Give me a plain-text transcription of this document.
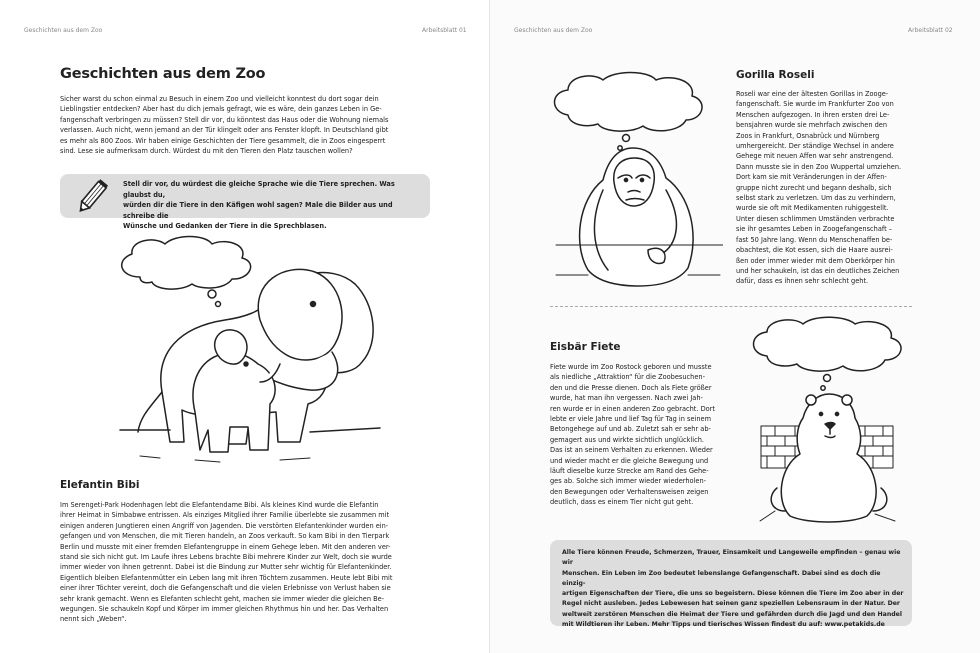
Geschichten aus dem Zoo	Arbeitsblatt 01
Geschichten aus dem Zoo
Sicher warst du schon einmal zu Besuch in einem Zoo und vielleicht konntest du dort sogar dein
Lieblingstier entdecken? Aber hast du dich jemals gefragt, wie es wäre, dein ganzes Leben in Ge-
fangenschaft verbringen zu müssen? Stell dir vor, du könntest das Haus oder die Wohnung niemals
verlassen. Auch nicht, wenn jemand an der Tür klingelt oder ans Fenster klopft. In Deutschland gibt
es mehr als 800 Zoos. Wir haben einige Geschichten der Tiere gesammelt, die in Zoos eingesperrt
sind. Lese sie aufmerksam durch. Würdest du mit den Tieren den Platz tauschen wollen?
Stell dir vor, du würdest die gleiche Sprache wie die Tiere sprechen. Was glaubst du,
würden dir die Tiere in den Käfigen wohl sagen? Male die Bilder aus und schreibe die
Wünsche und Gedanken der Tiere in die Sprechblasen.
Elefantin Bibi
Im Serengeti-Park Hodenhagen lebt die Elefantendame Bibi. Als kleines Kind wurde die Elefantin
ihrer Heimat in Simbabwe entrissen. Als einziges Mitglied ihrer Familie überlebte sie zusammen mit
einigen anderen Jungtieren einen Angriff von Jagenden. Die verstörten Elefantenkinder wurden ein-
gefangen und von Menschen, die mit Tieren handeln, an Zoos verkauft. So kam Bibi in den Tierpark
Berlin und musste mit einer fremden Elefantengruppe in einem Gehege leben. Mit den anderen ver-
stand sie sich nicht gut. Im Laufe ihres Lebens brachte Bibi mehrere Kinder zur Welt, doch sie wurde
immer wieder von ihnen getrennt. Dabei ist die Bindung zur Mutter sehr wichtig für Elefantenkinder.
Eigentlich bleiben Elefantenmütter ein Leben lang mit ihren Töchtern zusammen. Heute lebt Bibi mit
einer ihrer Töchter vereint, doch die Gefangenschaft und die vielen Erlebnisse von Verlust haben sie
sehr krank gemacht. Wenn es Elefanten schlecht geht, machen sie immer wieder die gleichen Be-
wegungen. Sie schaukeln Kopf und Körper im immer gleichen Rhythmus hin und her. Das Verhalten
nennt sich „Weben“.
Geschichten aus dem Zoo	Arbeitsblatt 02
Gorilla Roseli
Roseli war eine der ältesten Gorillas in Zooge-
fangenschaft. Sie wurde im Frankfurter Zoo von
Menschen aufgezogen. In ihren ersten drei Le-
bensjahren wurde sie mehrfach zwischen den
Zoos in Frankfurt, Osnabrück und Nürnberg
umhergereicht. Der ständige Wechsel in andere
Gehege mit neuen Affen war sehr anstrengend.
Dann musste sie in den Zoo Wuppertal umziehen.
Dort kam sie mit Veränderungen in der Affen-
gruppe nicht zurecht und begann deshalb, sich
selbst stark zu verletzen. Um das zu verhindern,
wurde sie oft mit Medikamenten ruhiggestellt.
Unter diesen schlimmen Umständen verbrachte
sie ihr gesamtes Leben in Zoogefangenschaft –
fast 50 Jahre lang. Wenn du Menschenaffen be-
obachtest, die Kot essen, sich die Haare ausrei-
ßen oder immer wieder mit dem Oberkörper hin
und her schaukeln, ist das ein deutliches Zeichen
dafür, dass es ihnen sehr schlecht geht.
Eisbär Fiete
Fiete wurde im Zoo Rostock geboren und musste
als niedliche „Attraktion“ für die Zoobesuchen-
den und die Presse dienen. Doch als Fiete größer
wurde, hat man ihn vergessen. Nach zwei Jah-
ren wurde er in einen anderen Zoo gebracht. Dort
lebte er viele Jahre und lief Tag für Tag in seinem
Betongehege auf und ab. Zuletzt sah er sehr ab-
gemagert aus und wirkte sichtlich unglücklich.
Das ist an seinem Verhalten zu erkennen. Wieder
und wieder macht er die gleiche Bewegung und
läuft dieselbe kurze Strecke am Rand des Gehe-
ges ab. Solche sich immer wieder wiederholen-
den Bewegungen oder Verhaltensweisen zeigen
deutlich, dass es einem Tier nicht gut geht.
Alle Tiere können Freude, Schmerzen, Trauer, Einsamkeit und Langeweile empfinden – genau wie wir
Menschen. Ein Leben im Zoo bedeutet lebenslange Gefangenschaft. Dabei sind es doch die einzig-
artigen Eigenschaften der Tiere, die uns so begeistern. Diese können die Tiere im Zoo aber in der
Regel nicht ausleben. Jedes Lebewesen hat seinen ganz speziellen Lebensraum in der Natur. Der
weltweit zerstören Menschen die Heimat der Tiere und gefährden durch die Jagd und den Handel
mit Wildtieren ihr Leben. Mehr Tipps und tierisches Wissen findest du auf: www.petakids.de
